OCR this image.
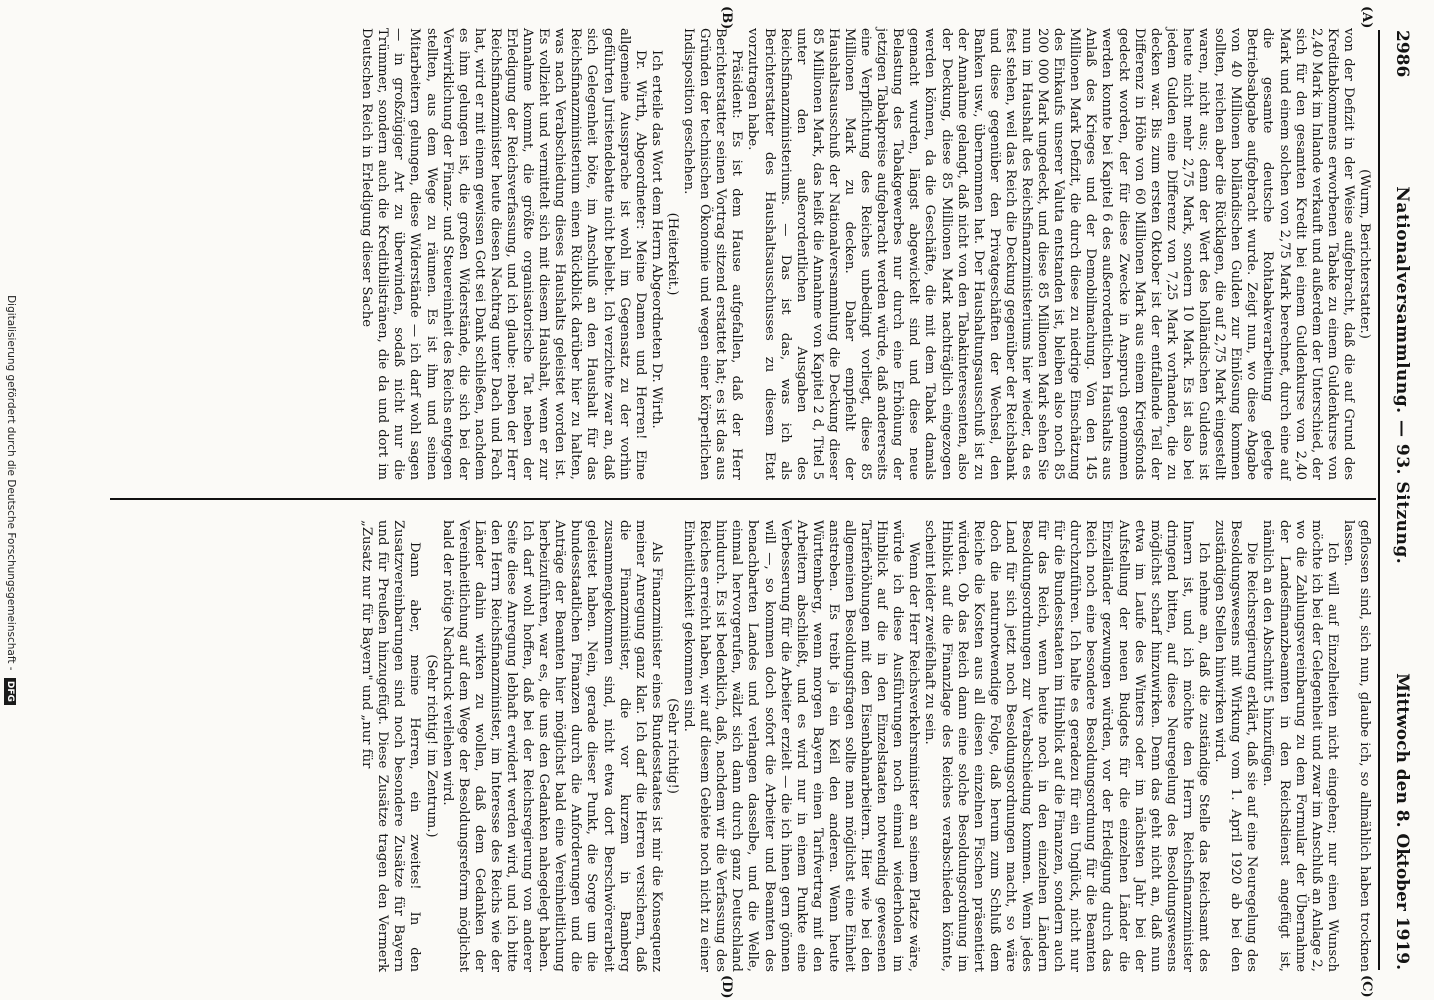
2986
Nationalversammlung. — 93. Sitzung.
Mittwoch den 8. Oktober 1919.
(A)
(B)
(C)
(D)

(Wurm, Berichterstatter.)

von der Defizit in der Weise aufgebracht, daß die auf Grund des Kreditabkommens erworbenen Tabake zu einem Guldenkurse von 2,40 Mark im Inlande verkauft und außerdem der Unterschied, der sich für den gesamten Kredit bei einem Guldenkurse von 2,40 Mark und einem solchen von 2,75 Mark berechnet, durch eine auf die gesamte deutsche Rohtabakverarbeitung gelegte Betriebsabgabe aufgebracht wurde. Zeigt nun, wo diese Abgabe von 40 Millionen holländischen Gulden zur Einlösung kommen sollten, reichen aber die Rücklagen, die auf 2,75 Mark eingestellt waren, nicht aus; denn der Wert des holländischen Guldens ist heute nicht mehr 2,75 Mark, sondern 10 Mark. Es ist also bei jedem Gulden eine Differenz von 7,25 Mark vorhanden, die zu decken war. Bis zum ersten Oktober ist der entfallende Teil der Differenz in Höhe von 60 Millionen Mark aus einem Kriegsfonds gedeckt worden, der für diese Zwecke in Anspruch genommen werden konnte bei Kapitel 6 des außerordentlichen Haushalts aus Anlaß des Krieges und der Demobilmachung. Von den 145 Millionen Mark Defizit, die durch diese zu niedrige Einschätzung des Einkaufs unserer Valuta entstanden ist, bleiben also noch 85 200 000 Mark ungedeckt, und diese 85 Millionen Mark sehen Sie nun im Haushalt des Reichsfinanzministeriums hier wieder, da es fest stehen, weil das Reich die Deckung gegenüber der Reichsbank und diese gegenüber den Privatgeschäften der Wechsel, den Banken usw., übernommen hat. Der Haushaltungsausschuß ist zu der Annahme gelangt, daß nicht von den Tabakinteressenten, also der Deckung, diese 85 Millionen Mark nachträglich eingezogen werden können, da die Geschäfte, die mit dem Tabak damals gemacht wurden, längst abgewickelt sind und diese neue Belastung des Tabakgewerbes nur durch eine Erhöhung der jetzigen Tabakpreise aufgebracht werden würde, daß andererseits eine Verpflichtung des Reiches unbedingt vorliegt, diese 85 Millionen Mark zu decken. Daher empfiehlt der Haushaltsausschuß der Nationalversammlung die Deckung dieser 85 Millionen Mark, das heißt die Annahme von Kapitel 2 d, Titel 5 unter den außerordentlichen Ausgaben des Reichsfinanzministeriums. — Das ist das, was ich als Berichterstatter des Haushaltsausschusses zu diesem Etat vorzutragen habe.

Präsident: Es ist dem Hause aufgefallen, daß der Herr Berichterstatter seinen Vortrag sitzend erstattet hat; es ist das aus Gründen der technischen Ökonomie und wegen einer körperlichen Indisposition geschehen.

(Heiterkeit.)

Ich erteile das Wort dem Herrn Abgeordneten Dr. Wirth.

Dr. Wirth, Abgeordneter: Meine Damen und Herren! Eine allgemeine Aussprache ist wohl im Gegensatz zu der vorhin geführten Juristendebatte nicht beliebt. Ich verzichte zwar an, daß sich Gelegenheit böte, im Anschluß an den Haushalt für das Reichsfinanzministerium einen Rückblick darüber hier zu halten, was nach Verabschiedung dieses Haushalts geleistet worden ist. Es vollzieht und vermittelt sich mit diesem Haushalt, wenn er zur Annahme kommt, die größte organisatorische Tat neben der Erledigung der Reichsverfassung, und ich glaube: neben der Herr Reichsfinanzminister heute diesen Nachtrag unter Dach und Fach hat, wird er mit einem gewissen Gott sei Dank schließen, nachdem es ihm gelungen ist, die großen Widerstände, die sich bei der Verwirklichung der Finanz- und Steuereinheit des Reichs entgegen stellten, aus dem Wege zu räumen. Es ist ihm und seinen Mitarbeitern gelungen, diese Widerstände — ich darf wohl sagen — in großzügiger Art zu überwinden, sodaß nicht nur die Trümmer, sondern auch die Kreditbilistränen, die da und dort im Deutschen Reich in Erledigung dieser Sache

geflossen sind, sich nun, glaube ich, so allmählich haben trocknen lassen.

Ich will auf Einzelheiten nicht eingehen; nur einen Wunsch möchte ich bei der Gelegenheit und zwar im Anschluß an Anlage 2, wo die Zahlungsvereinbarung zu dem Formular der Übernahme der Landesfinanzbeamten in den Reichsdienst angefügt ist, nämlich an den Abschnitt 5 hinzufügen.

Die Reichsregierung erklärt, daß sie auf eine Neuregelung des Besoldungswesens mit Wirkung vom 1. April 1920 ab bei den zuständigen Stellen hinwirken wird.

Ich nehme an, daß die zuständige Stelle das Reichsamt des Innern ist, und ich möchte den Herrn Reichsfinanzminister dringend bitten, auf diese Neuregelung des Besoldungswesens möglichst scharf hinzuwirken. Denn das geht nicht an, daß nun etwa im Laufe des Winters oder im nächsten Jahr bei der Aufstellung der neuen Budgets für die einzelnen Länder die Einzelländer gezwungen würden, vor der Erledigung durch das Reich noch eine besondere Besoldungsordnung für die Beamten durchzuführen. Ich halte es geradezu für ein Unglück, nicht nur für die Bundesstaaten im Hinblick auf die Finanzen, sondern auch für das Reich, wenn heute noch in den einzelnen Ländern Besoldungsordnungen zur Verabschiedung kommen. Wenn jedes Land für sich jetzt noch Besoldungsordnungen macht, so wäre doch die naturnotwendige Folge, daß herum zum Schluß dem Reiche die Kosten aus all diesen einzelnen Fischen präsentiert würden. Ob das Reich dann eine solche Besoldungsordnung im Hinblick auf die Finanzlage des Reiches verabschieden könnte, scheint leider zweifelhaft zu sein.

Wenn der Herr Reichsverkehrsminister an seinem Platze wäre, würde ich diese Ausführungen noch einmal wiederholen im Hinblick auf die in den Einzelstaaten notwendig gewesenen Tariferhöhungen mit den Eisenbahnarbeitern. Hier wie bei den allgemeinen Besoldungsfragen sollte man möglichst eine Einheit anstreben. Es treibt ja ein Keil den anderen. Wenn heute Württemberg, wenn morgen Bayern einen Tarifvertrag mit den Arbeitern abschließt, und es wird nur in einem Punkte eine Verbesserung für die Arbeiter erzielt — die ich ihnen gern gönnen will —, so kommen doch sofort die Arbeiter und Beamten des benachbarten Landes und verlangen dasselbe, und die Welle, einmal hervorgerufen, wälzt sich dann durch ganz Deutschland hindurch. Es ist bedenklich, daß, nachdem wir die Verfassung des Reiches erreicht haben, wir auf diesem Gebiete noch nicht zu einer Einheitlichkeit gekommen sind.

(Sehr richtig!)

Als Finanzminister eines Bundesstaates ist mir die Konsequenz meiner Anregung ganz klar. Ich darf die Herren versichern, daß die Finanzminister, die vor kurzem in Bamberg zusammengekommen sind, nicht etwa dort Berschwörerarbeit geleistet haben. Nein, gerade dieser Punkt, die Sorge um die bundesstaatlichen Finanzen durch die Anforderungen und die Anträge der Beamten hier möglichst bald eine Vereinheitlichung herbeizuführen, war es, die uns den Gedanken nahegelegt haben. Ich darf wohl hoffen, daß bei der Reichsregierung von anderer Seite diese Anregung lebhaft erwidert werden wird, und ich bitte den Herrn Reichsfinanzminister, im Interesse des Reichs wie der Länder dahin wirken zu wollen, daß dem Gedanken der Vereinheitlichung auf dem Wege der Besoldungsreform möglichst bald der nötige Nachdruck verliehen wird.

(Sehr richtig! im Zentrum.)

Dann aber, meine Herren, ein zweites! In den Zusatzvereinbarungen sind noch besondere Zusätze für Bayern und für Preußen hinzugefügt. Diese Zusätze tragen den Vermerk „Zusatz nur für Bayern" und „nur für

Digitalisierung gefördert durch die Deutsche Forschungsgemeinschaft - DFG
